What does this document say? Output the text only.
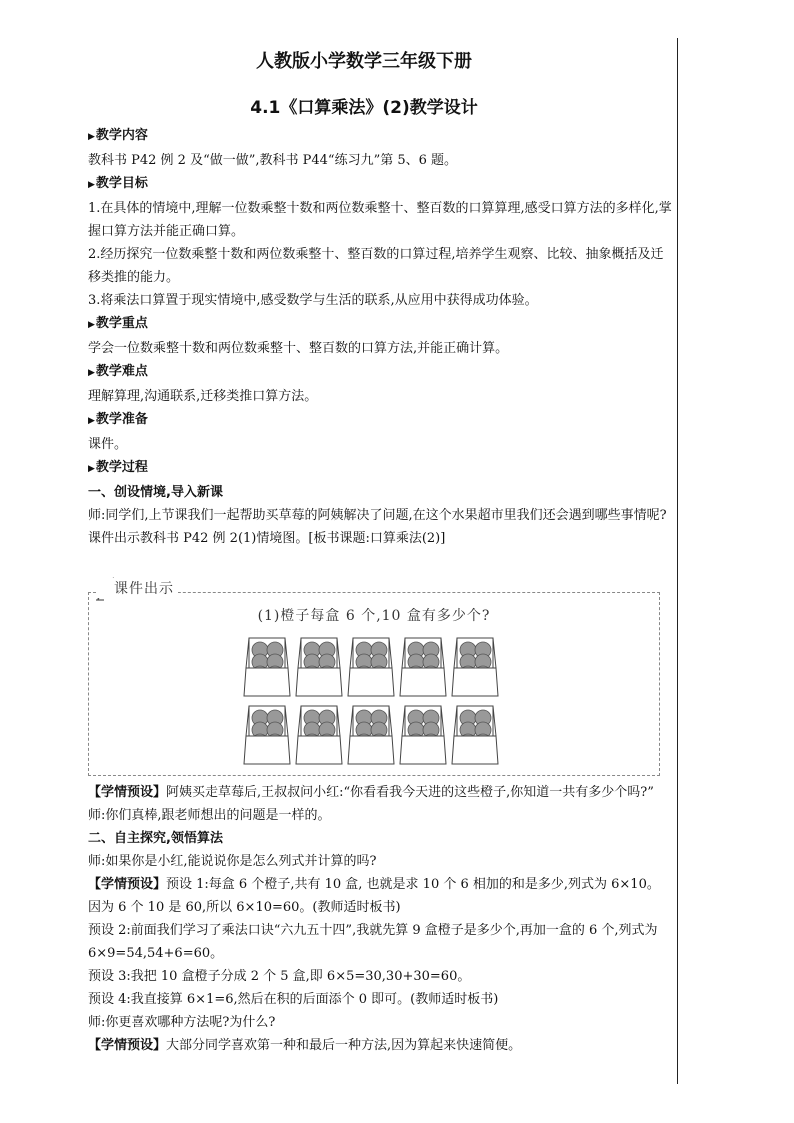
人教版小学数学三年级下册
4.1《口算乘法》(2)教学设计

▶教学内容

教科书 P42 例 2 及“做一做”,教科书 P44“练习九”第 5、6 题。

▶教学目标

1.在具体的情境中,理解一位数乘整十数和两位数乘整十、整百数的口算算理,感受口算方法的多样化,掌握口算方法并能正确口算。

2.经历探究一位数乘整十数和两位数乘整十、整百数的口算过程,培养学生观察、比较、抽象概括及迁移类推的能力。

3.将乘法口算置于现实情境中,感受数学与生活的联系,从应用中获得成功体验。

▶教学重点

学会一位数乘整十数和两位数乘整十、整百数的口算方法,并能正确计算。

▶教学难点

理解算理,沟通联系,迁移类推口算方法。

▶教学准备

课件。

▶教学过程

一、创设情境,导入新课

师:同学们,上节课我们一起帮助买草莓的阿姨解决了问题,在这个水果超市里我们还会遇到哪些事情呢?

课件出示教科书 P42 例 2(1)情境图。[板书课题:口算乘法(2)]

(1)橙子每盒 6 个,10 盒有多少个?
课件出示

【学情预设】阿姨买走草莓后,王叔叔问小红:“你看看我今天进的这些橙子,你知道一共有多少个吗?”

师:你们真棒,跟老师想出的问题是一样的。

二、自主探究,领悟算法

师:如果你是小红,能说说你是怎么列式并计算的吗?

【学情预设】预设 1:每盒 6 个橙子,共有 10 盒, 也就是求 10 个 6 相加的和是多少,列式为 6×10。因为 6 个 10 是 60,所以 6×10=60。(教师适时板书)

预设 2:前面我们学习了乘法口诀“六九五十四”,我就先算 9 盒橙子是多少个,再加一盒的 6 个,列式为 6×9=54,54+6=60。

预设 3:我把 10 盒橙子分成 2 个 5 盒,即 6×5=30,30+30=60。

预设 4:我直接算 6×1=6,然后在积的后面添个 0 即可。(教师适时板书)

师:你更喜欢哪种方法呢?为什么?

【学情预设】大部分同学喜欢第一种和最后一种方法,因为算起来快速简便。
